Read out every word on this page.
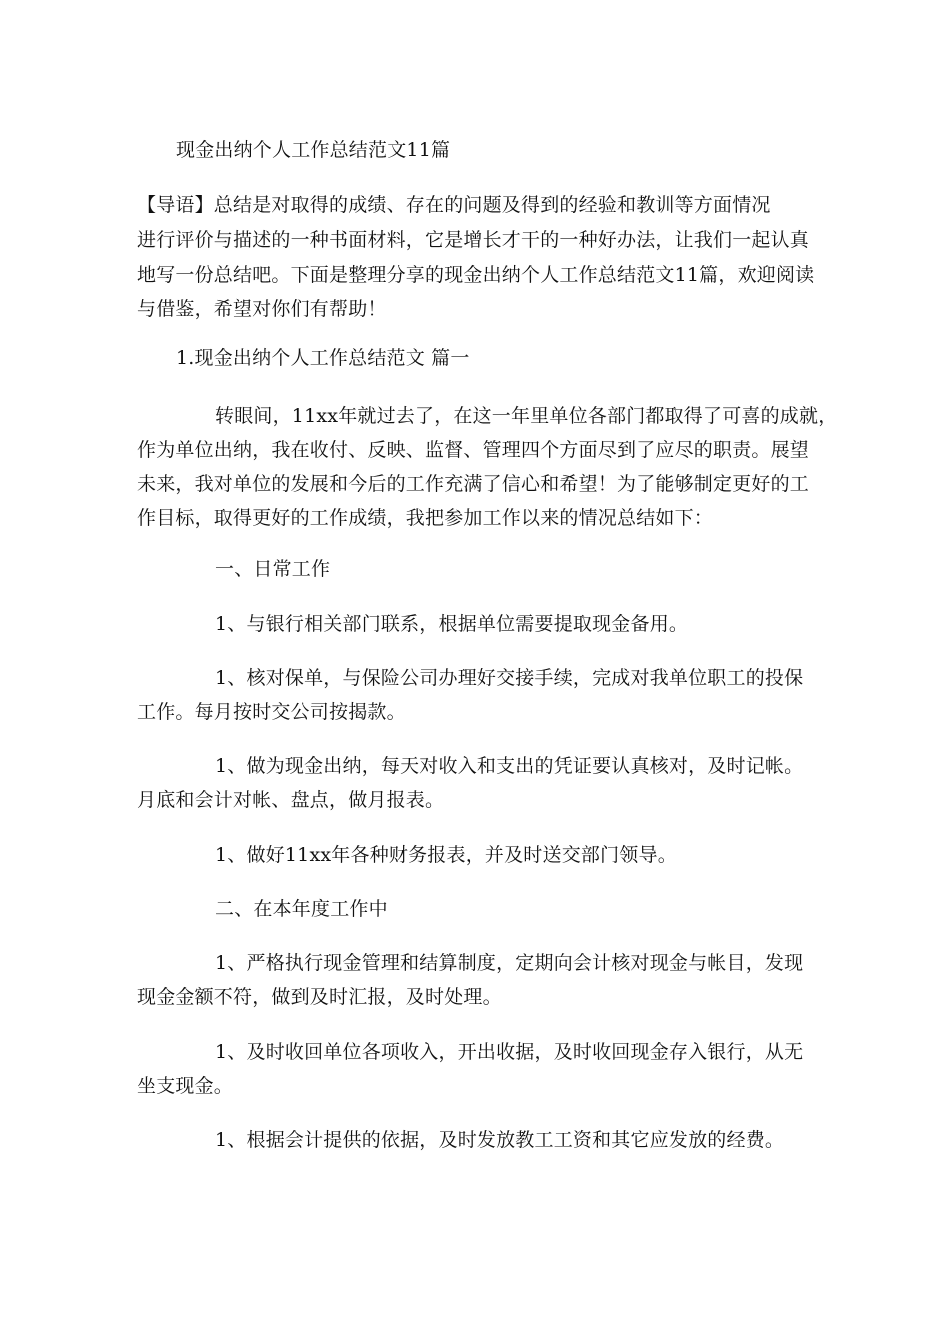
现金出纳个人工作总结范文11篇
【导语】总结是对取得的成绩、存在的问题及得到的经验和教训等方面情况
进行评价与描述的一种书面材料，它是增长才干的一种好办法，让我们一起认真
地写一份总结吧。下面是整理分享的现金出纳个人工作总结范文11篇，欢迎阅读
与借鉴，希望对你们有帮助！
1.现金出纳个人工作总结范文 篇一
转眼间，11xx年就过去了，在这一年里单位各部门都取得了可喜的成就，
作为单位出纳，我在收付、反映、监督、管理四个方面尽到了应尽的职责。展望
未来，我对单位的发展和今后的工作充满了信心和希望！为了能够制定更好的工
作目标，取得更好的工作成绩，我把参加工作以来的情况总结如下：
一、日常工作
1、与银行相关部门联系，根据单位需要提取现金备用。
1、核对保单，与保险公司办理好交接手续，完成对我单位职工的投保
工作。每月按时交公司按揭款。
1、做为现金出纳，每天对收入和支出的凭证要认真核对，及时记帐。
月底和会计对帐、盘点，做月报表。
1、做好11xx年各种财务报表，并及时送交部门领导。
二、在本年度工作中
1、严格执行现金管理和结算制度，定期向会计核对现金与帐目，发现
现金金额不符，做到及时汇报，及时处理。
1、及时收回单位各项收入，开出收据，及时收回现金存入银行，从无
坐支现金。
1、根据会计提供的依据，及时发放教工工资和其它应发放的经费。
